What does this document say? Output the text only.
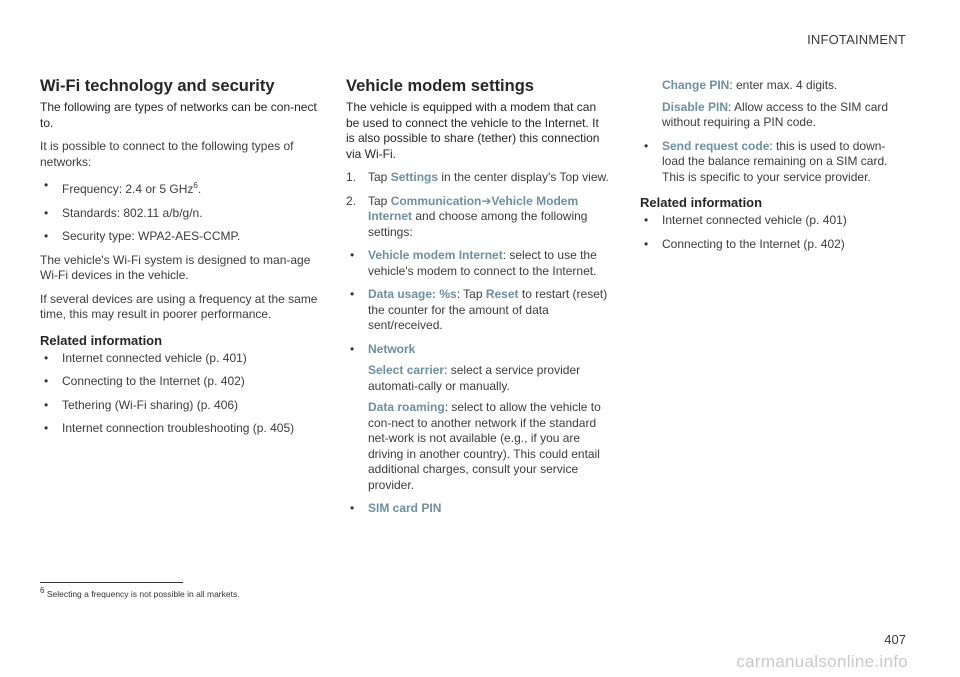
INFOTAINMENT
Wi-Fi technology and security

The following are types of networks can be con-nect to.

It is possible to connect to the following types of networks:

• Frequency: 2.4 or 5 GHz$^6$.
• Standards: 802.11 a/b/g/n.
• Security type: WPA2-AES-CCMP.

The vehicle's Wi-Fi system is designed to man-age Wi-Fi devices in the vehicle.

If several devices are using a frequency at the same time, this may result in poorer performance.

Related information
• Internet connected vehicle (p. 401)
• Connecting to the Internet (p. 402)
• Tethering (Wi-Fi sharing) (p. 406)
• Internet connection troubleshooting (p. 405)
Vehicle modem settings

The vehicle is equipped with a modem that can be used to connect the vehicle to the Internet. It is also possible to share (tether) this connection via Wi-Fi.

1. Tap Settings in the center display's Top view.
2. Tap Communication➔Vehicle Modem Internet and choose among the following settings:
• Vehicle modem Internet: select to use the vehicle's modem to connect to the Internet.
• Data usage: %s: Tap Reset to restart (reset) the counter for the amount of data sent/received.
• Network
Select carrier: select a service provider automati-cally or manually.
Data roaming: select to allow the vehicle to con-nect to another network if the standard net-work is not available (e.g., if you are driving in another country). This could entail additional charges, consult your service provider.
• SIM card PIN

Change PIN: enter max. 4 digits.

Disable PIN: Allow access to the SIM card without requiring a PIN code.

• Send request code: this is used to down-load the balance remaining on a SIM card. This is specific to your service provider.
Related information
• Internet connected vehicle (p. 401)
• Connecting to the Internet (p. 402)
$^6$ Selecting a frequency is not possible in all markets.
407
carmanualsonline.info
